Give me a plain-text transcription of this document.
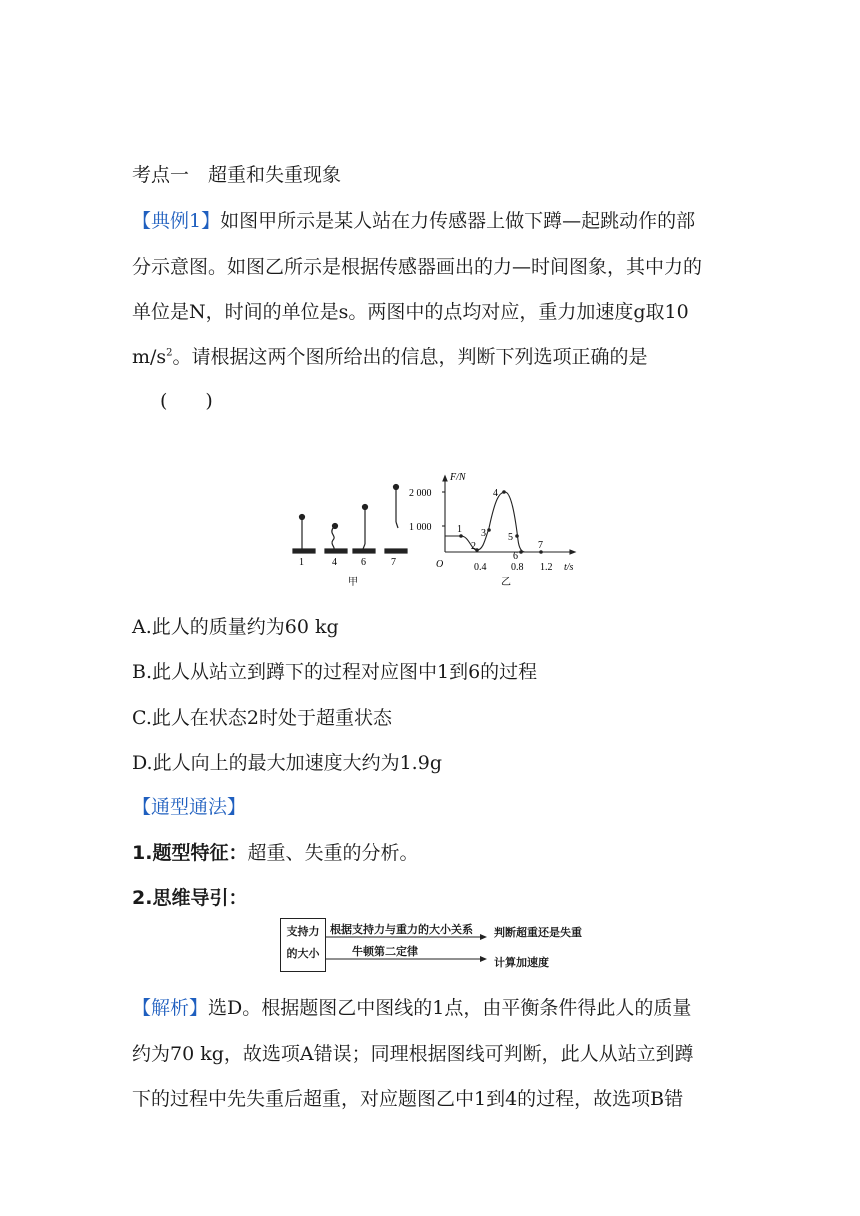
考点一　超重和失重现象
【典例1】如图甲所示是某人站在力传感器上做下蹲—起跳动作的部
分示意图。如图乙所示是根据传感器画出的力—时间图象，其中力的
单位是N，时间的单位是s。两图中的点均对应，重力加速度g取10
$m/s^2$。请根据这两个图所给出的信息，判断下列选项正确的是
(　　)
1	4 6	7
甲
F/N
t/s
O
2 000
1 000
0.4 0.8 1.2
1
2
3
4
5
6
7
乙
A.此人的质量约为60 kg
B.此人从站立到蹲下的过程对应图中1到6的过程
C.此人在状态2时处于超重状态
D.此人向上的最大加速度大约为1.9g
【通型通法】
1.题型特征：超重、失重的分析。
2.思维导引：
支持力
的大小
根据支持力与重力的大小关系
牛顿第二定律
判断超重还是失重
计算加速度
【解析】选D。根据题图乙中图线的1点，由平衡条件得此人的质量
约为70 kg，故选项A错误；同理根据图线可判断，此人从站立到蹲
下的过程中先失重后超重，对应题图乙中1到4的过程，故选项B错
